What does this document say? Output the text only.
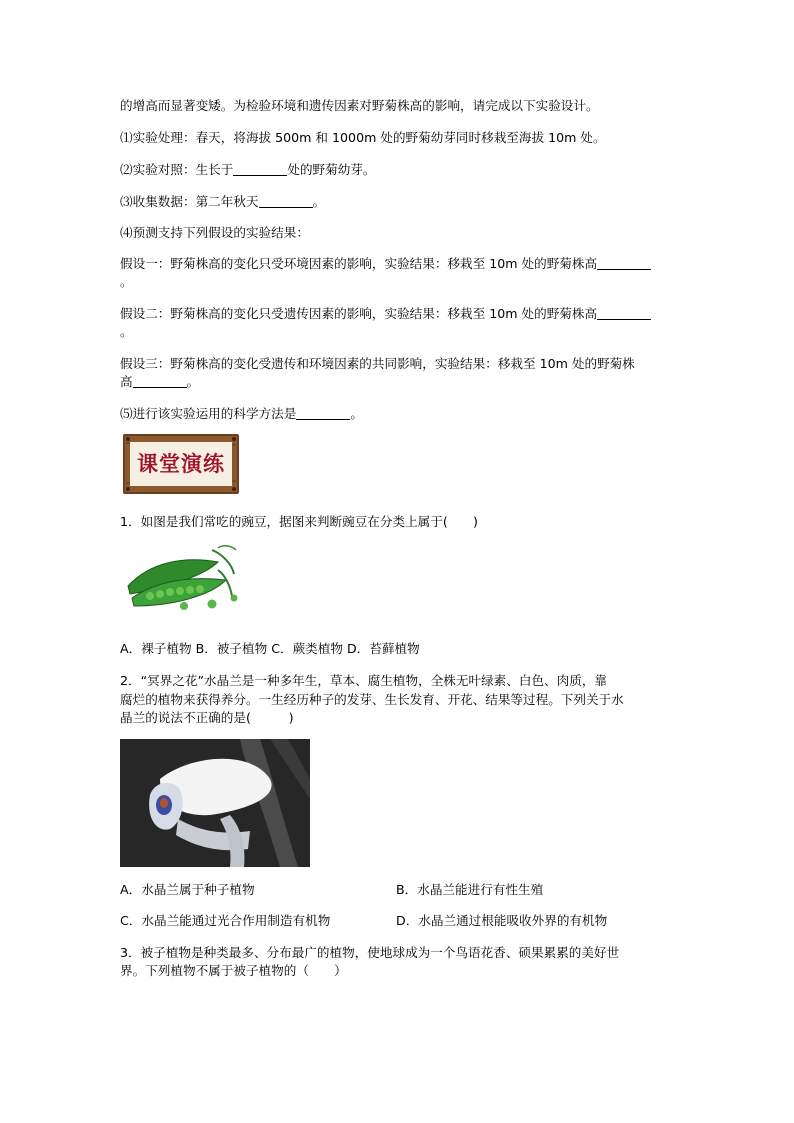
的增高而显著变矮。为检验环境和遗传因素对野菊株高的影响，请完成以下实验设计。
⑴实验处理：春天，将海拔 500m 和 1000m 处的野菊幼芽同时移栽至海拔 10m 处。
⑵实验对照：生长于	处的野菊幼芽。
⑶收集数据：第二年秋天	。
⑷预测支持下列假设的实验结果：
假设一：野菊株高的变化只受环境因素的影响，实验结果：移栽至 10m 处的野菊株高
。
假设二：野菊株高的变化只受遗传因素的影响，实验结果：移栽至 10m 处的野菊株高
。
假设三：野菊株高的变化受遗传和环境因素的共同影响，实验结果：移栽至 10m 处的野菊株
高	。
⑸进行该实验运用的科学方法是	。
课堂演练
1．如图是我们常吃的豌豆，据图来判断豌豆在分类上属于(　　)
A．裸子植物 B．被子植物 C．蕨类植物 D．苔藓植物
2．“冥界之花”水晶兰是一种多年生，草本、腐生植物，全株无叶绿素、白色、肉质，靠
腐烂的植物来获得养分。一生经历种子的发芽、生长发育、开花、结果等过程。下列关于水
晶兰的说法不正确的是(　　　)
A．水晶兰属于种子植物	B．水晶兰能进行有性生殖
C．水晶兰能通过光合作用制造有机物	D．水晶兰通过根能吸收外界的有机物
3．被子植物是种类最多、分布最广的植物，使地球成为一个鸟语花香、硕果累累的美好世
界。下列植物不属于被子植物的（　　）
